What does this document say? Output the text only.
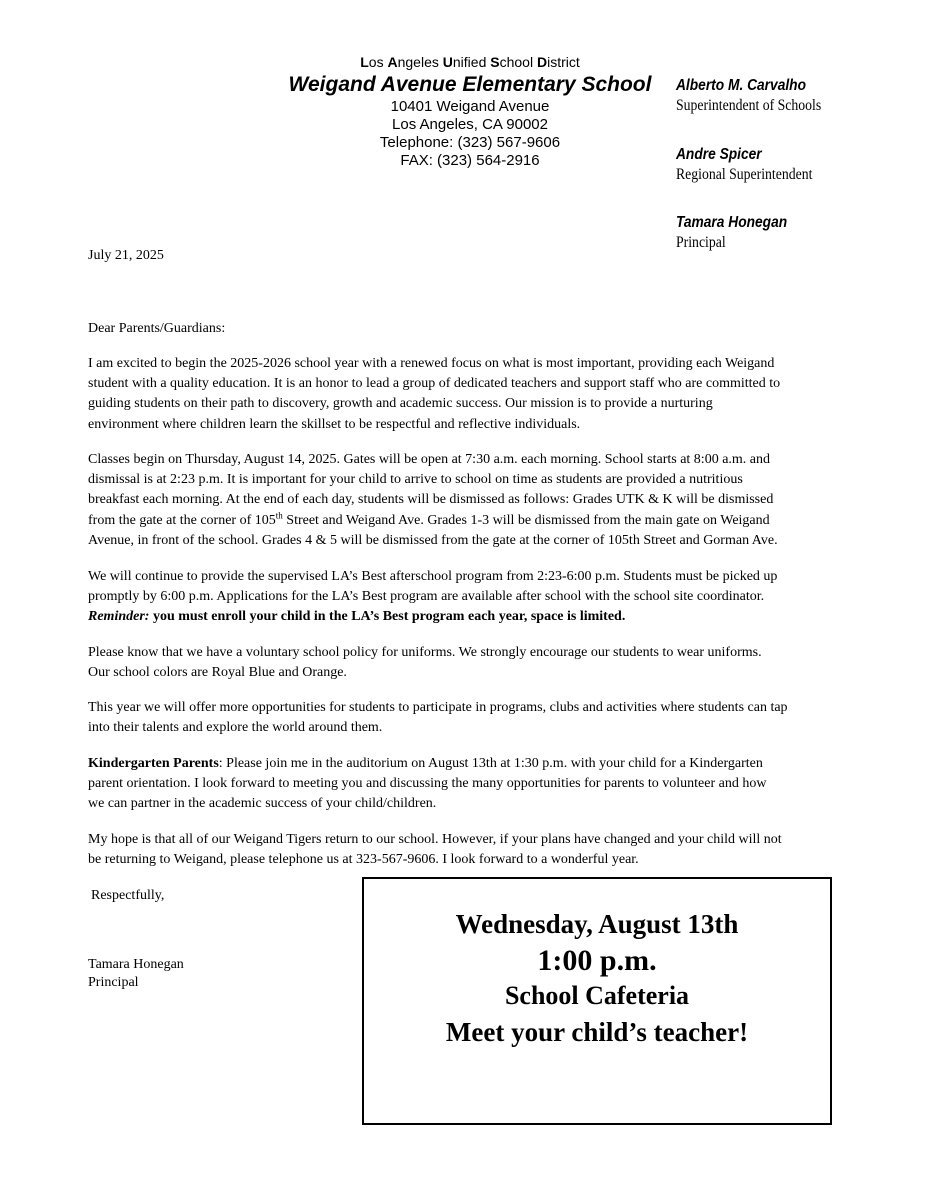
Los Angeles Unified School District
Weigand Avenue Elementary School
10401 Weigand Avenue
Los Angeles, CA 90002
Telephone: (323) 567-9606
FAX: (323) 564-2916
Alberto M. Carvalho
Superintendent of Schools
Andre Spicer
Regional Superintendent
Tamara Honegan
Principal
July 21, 2025
Dear Parents/Guardians:
I am excited to begin the 2025-2026 school year with a renewed focus on what is most important, providing each Weigand
student with a quality education. It is an honor to lead a group of dedicated teachers and support staff who are committed to
guiding students on their path to discovery, growth and academic success. Our mission is to provide a nurturing
environment where children learn the skillset to be respectful and reflective individuals.
Classes begin on Thursday, August 14, 2025. Gates will be open at 7:30 a.m. each morning. School starts at 8:00 a.m. and
dismissal is at 2:23 p.m. It is important for your child to arrive to school on time as students are provided a nutritious
breakfast each morning. At the end of each day, students will be dismissed as follows: Grades UTK & K will be dismissed
from the gate at the corner of 105th Street and Weigand Ave. Grades 1-3 will be dismissed from the main gate on Weigand
Avenue, in front of the school. Grades 4 & 5 will be dismissed from the gate at the corner of 105th Street and Gorman Ave.
We will continue to provide the supervised LA’s Best afterschool program from 2:23-6:00 p.m. Students must be picked up
promptly by 6:00 p.m. Applications for the LA’s Best program are available after school with the school site coordinator.
Reminder: you must enroll your child in the LA’s Best program each year, space is limited.
Please know that we have a voluntary school policy for uniforms. We strongly encourage our students to wear uniforms.
Our school colors are Royal Blue and Orange.
This year we will offer more opportunities for students to participate in programs, clubs and activities where students can tap
into their talents and explore the world around them.
Kindergarten Parents: Please join me in the auditorium on August 13th at 1:30 p.m. with your child for a Kindergarten
parent orientation. I look forward to meeting you and discussing the many opportunities for parents to volunteer and how
we can partner in the academic success of your child/children.
My hope is that all of our Weigand Tigers return to our school. However, if your plans have changed and your child will not
be returning to Weigand, please telephone us at 323-567-9606. I look forward to a wonderful year.
Respectfully,
Tamara Honegan
Principal
Wednesday, August 13th
1:00 p.m.
School Cafeteria
Meet your child’s teacher!
